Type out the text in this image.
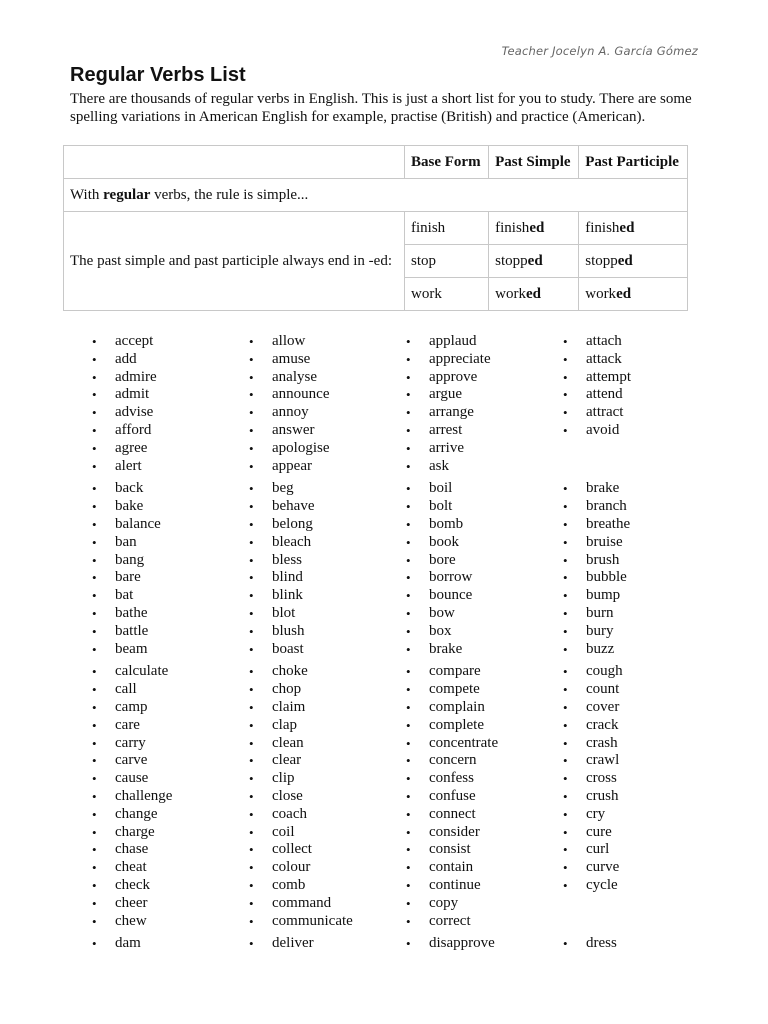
Teacher Jocelyn A. García Gómez
Regular Verbs List

There are thousands of regular verbs in English. This is just a short list for you to study. There are some spelling variations in American English for example, practise (British) and practice (American).

	Base Form	Past Simple	Past Participle
With regular verbs, the rule is simple...			
The past simple and past participle always end in -ed:	finish	finished	finished
	stop	stopped	stopped
	work	worked	worked
• accept
• add
• admire
• admit
• advise
• afford
• agree
• alert
• allow
• amuse
• analyse
• announce
• annoy
• answer
• apologise
• appear
• applaud
• appreciate
• approve
• argue
• arrange
• arrest
• arrive
• ask
• attach
• attack
• attempt
• attend
• attract
• avoid
• back
• bake
• balance
• ban
• bang
• bare
• bat
• bathe
• battle
• beam
• beg
• behave
• belong
• bleach
• bless
• blind
• blink
• blot
• blush
• boast
• boil
• bolt
• bomb
• book
• bore
• borrow
• bounce
• bow
• box
• brake
• brake
• branch
• breathe
• bruise
• brush
• bubble
• bump
• burn
• bury
• buzz
• calculate
• call
• camp
• care
• carry
• carve
• cause
• challenge
• change
• charge
• chase
• cheat
• check
• cheer
• chew
• choke
• chop
• claim
• clap
• clean
• clear
• clip
• close
• coach
• coil
• collect
• colour
• comb
• command
• communicate
• compare
• compete
• complain
• complete
• concentrate
• concern
• confess
• confuse
• connect
• consider
• consist
• contain
• continue
• copy
• correct
• cough
• count
• cover
• crack
• crash
• crawl
• cross
• crush
• cry
• cure
• curl
• curve
• cycle
• dam	• deliver	• disapprove	• dress
